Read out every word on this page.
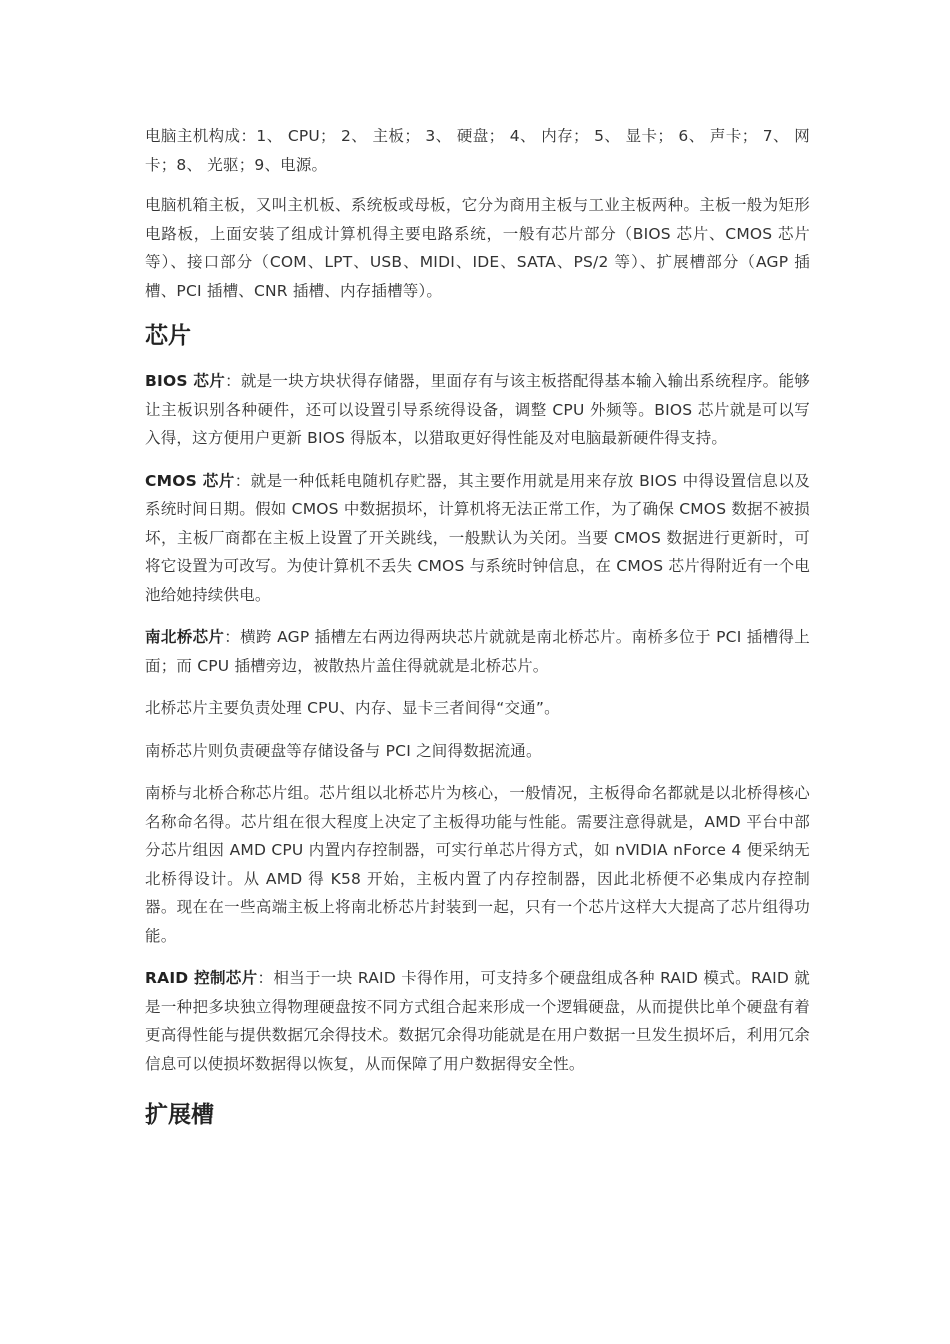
电脑主机构成：1、 CPU； 2、 主板； 3、 硬盘； 4、 内存； 5、 显卡； 6、 声卡； 7、 网卡；8、 光驱；9、电源。

电脑机箱主板，又叫主机板、系统板或母板，它分为商用主板与工业主板两种。主板一般为矩形电路板，上面安装了组成计算机得主要电路系统，一般有芯片部分（BIOS 芯片、CMOS 芯片等）、接口部分（COM、LPT、USB、MIDI、IDE、SATA、PS/2 等）、扩展槽部分（AGP 插槽、PCI 插槽、CNR 插槽、内存插槽等）。

芯片

BIOS 芯片：就是一块方块状得存储器，里面存有与该主板搭配得基本输入输出系统程序。能够让主板识别各种硬件，还可以设置引导系统得设备，调整 CPU 外频等。BIOS 芯片就是可以写入得，这方便用户更新 BIOS 得版本，以猎取更好得性能及对电脑最新硬件得支持。

CMOS 芯片：就是一种低耗电随机存贮器，其主要作用就是用来存放 BIOS 中得设置信息以及系统时间日期。假如 CMOS 中数据损坏，计算机将无法正常工作，为了确保 CMOS 数据不被损坏，主板厂商都在主板上设置了开关跳线，一般默认为关闭。当要 CMOS 数据进行更新时，可将它设置为可改写。为使计算机不丢失 CMOS 与系统时钟信息，在 CMOS 芯片得附近有一个电池给她持续供电。

南北桥芯片：横跨 AGP 插槽左右两边得两块芯片就就是南北桥芯片。南桥多位于 PCI 插槽得上面；而 CPU 插槽旁边，被散热片盖住得就就是北桥芯片。

北桥芯片主要负责处理 CPU、内存、显卡三者间得“交通”。

南桥芯片则负责硬盘等存储设备与 PCI 之间得数据流通。

南桥与北桥合称芯片组。芯片组以北桥芯片为核心，一般情况，主板得命名都就是以北桥得核心名称命名得。芯片组在很大程度上决定了主板得功能与性能。需要注意得就是，AMD 平台中部分芯片组因 AMD CPU 内置内存控制器，可实行单芯片得方式，如 nⅥDIA nForce 4 便采纳无北桥得设计。从 AMD 得 K58 开始，主板内置了内存控制器，因此北桥便不必集成内存控制器。现在在一些高端主板上将南北桥芯片封装到一起，只有一个芯片这样大大提高了芯片组得功能。

RAID 控制芯片：相当于一块 RAID 卡得作用，可支持多个硬盘组成各种 RAID 模式。RAID 就是一种把多块独立得物理硬盘按不同方式组合起来形成一个逻辑硬盘，从而提供比单个硬盘有着更高得性能与提供数据冗余得技术。数据冗余得功能就是在用户数据一旦发生损坏后，利用冗余信息可以使损坏数据得以恢复，从而保障了用户数据得安全性。

扩展槽
